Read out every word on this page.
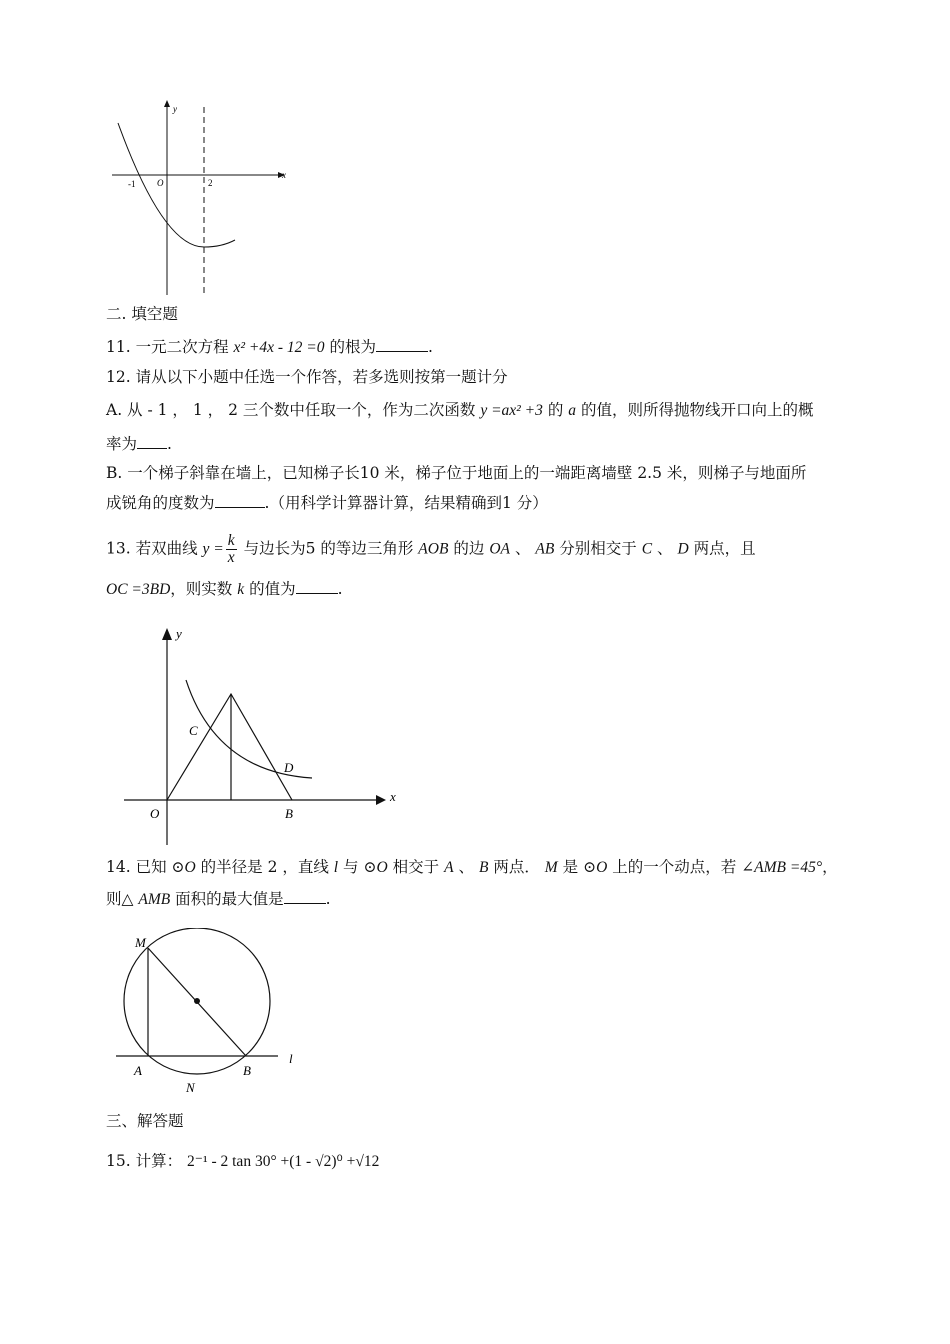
y
x
O
-1	2
二. 填空题
11. 一元二次方程 x² +4x - 12 =0 的根为	.
12. 请从以下小题中任选一个作答，若多选则按第一题计分
A. 从 - 1 ， 1 ， 2 三个数中任取一个，作为二次函数 y =ax² +3 的 a 的值，则所得抛物线开口向上的概
率为 .
B. 一个梯子斜靠在墙上，已知梯子长10 米，梯子位于地面上的一端距离墙壁 2.5 米，则梯子与地面所
成锐角的度数为	.（用科学计算器计算，结果精确到1 分）
13. 若双曲线 $y = \frac{k}{x}$ 与边长为5 的等边三角形 AOB 的边 OA 、 AB 分别相交于 C 、 D 两点，且
OC =3BD，则实数 k 的值为	.
y
x
O	B
C
D
14. 已知 ⊙O 的半径是 2 ，直线 l 与 ⊙O 相交于 A 、 B 两点． M 是 ⊙O 上的一个动点，若 ∠AMB =45°，
则△ AMB 面积的最大值是	.
M
A	B
N
l
三、解答题
15. 计算： 2⁻¹ - 2 tan 30° +(1 - √2)⁰ +√12
